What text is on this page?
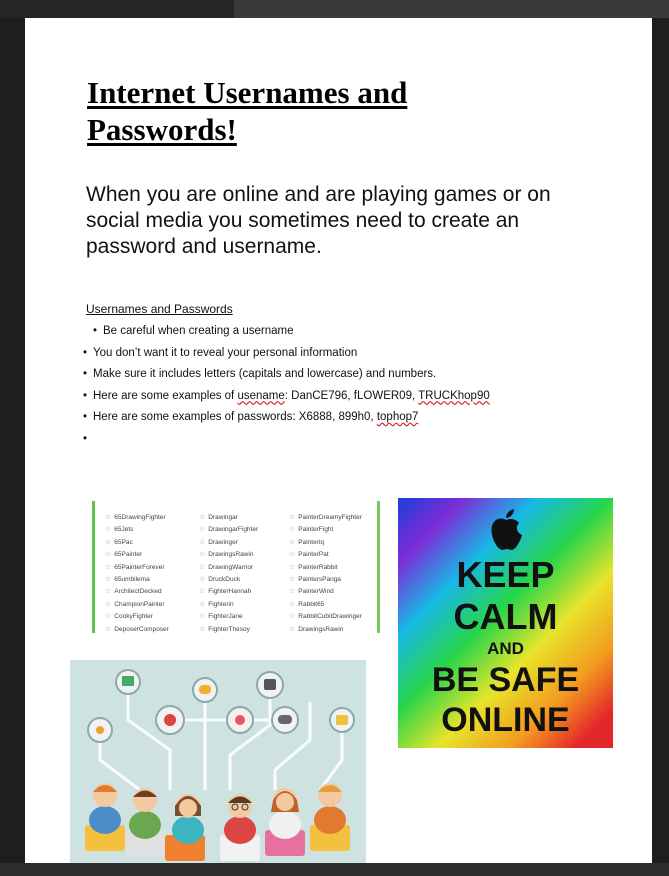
Internet Usernames and Passwords!

When you are online and are playing games or on social media you sometimes need to create an password and username.

Usernames and Passwords

• Be careful when creating a username
• You don’t want it to reveal your personal information
• Make sure it includes letters (capitals and lowercase) and numbers.
• Here are some examples of usename: DanCE796, fLOWER09, TRUCKhop90
• Here are some examples of passwords: X6888, 899h0, tophop7
•
☆ 65DrawingFighter
☆ 65Jets
☆ 65Pac
☆ 65Painter
☆ 65PainterForever
☆ 65umbilema
☆ ArchitectDecked
☆ ChampionPainter
☆ CookyFighter
☆ DeposerComposer
☆ Drawingar
☆ DrawingarFighter
☆ Drawinger
☆ DrawingsRawin
☆ DrawingWarrior
☆ DruckDuck
☆ FighterHannah
☆ Fighterin
☆ FighterJane
☆ FighterThesoy
☆ PainterDreamyFighter
☆ PainterFight
☆ Painteriq
☆ PainterPat
☆ PainterRabbit
☆ PaintersPanga
☆ PainterWind
☆ Rabbit65
☆ RabbitCubitDrawinger
☆ DrawingsRawin
KEEP
CALM
AND
BE SAFE
ONLINE
